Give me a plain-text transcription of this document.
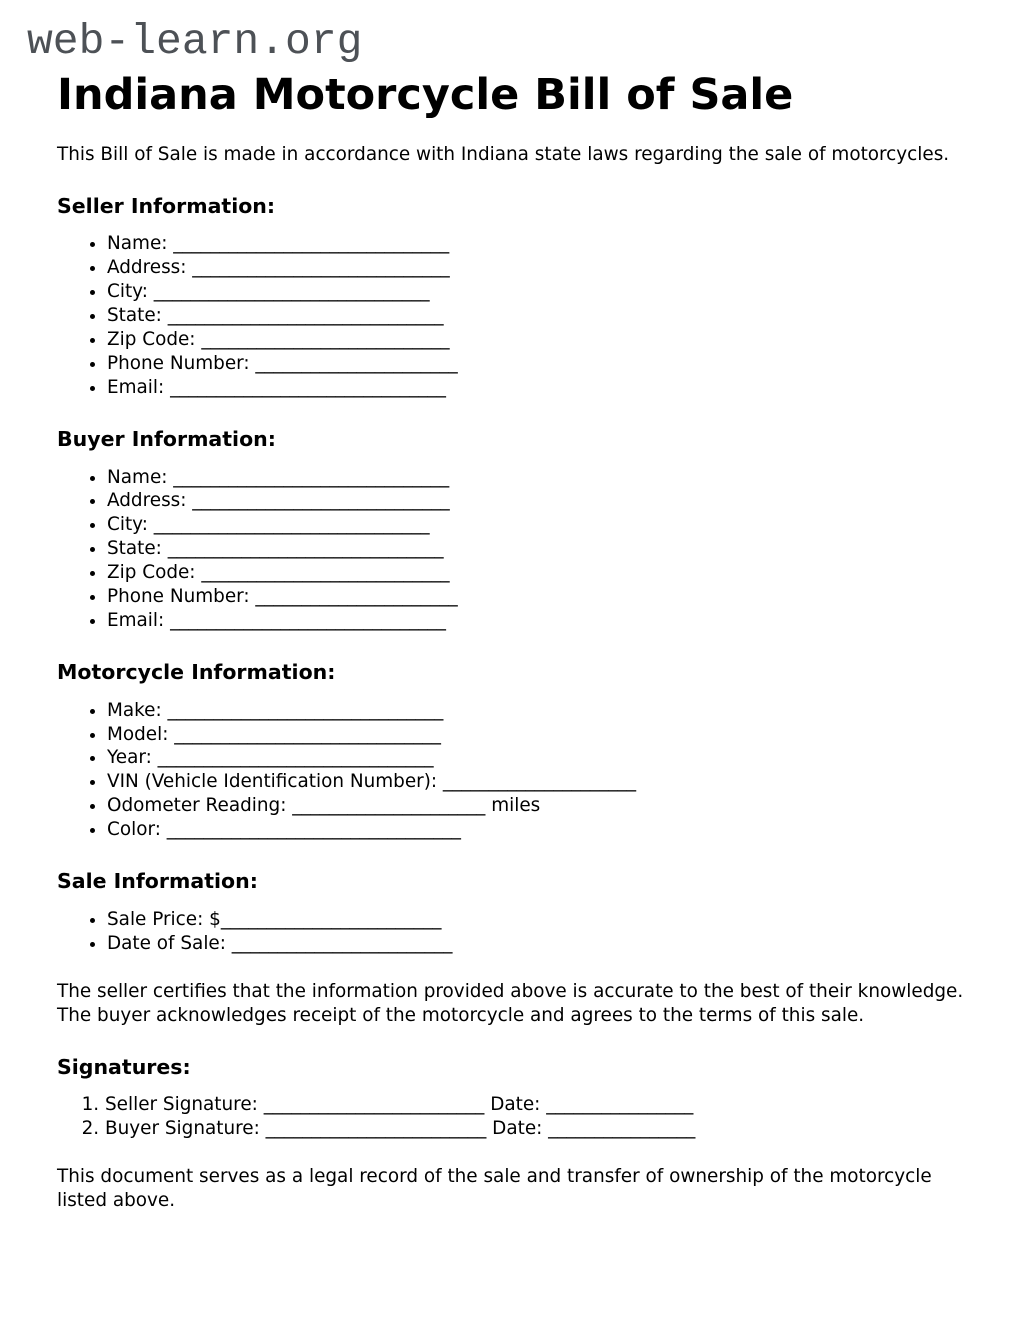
web-learn.org
Indiana Motorcycle Bill of Sale

This Bill of Sale is made in accordance with Indiana state laws regarding the sale of motorcycles.

Seller Information:
• Name: ______________________________
• Address: ____________________________
• City: ______________________________
• State: ______________________________
• Zip Code: ___________________________
• Phone Number: ______________________
• Email: ______________________________
Buyer Information:
• Name: ______________________________
• Address: ____________________________
• City: ______________________________
• State: ______________________________
• Zip Code: ___________________________
• Phone Number: ______________________
• Email: ______________________________
Motorcycle Information:
• Make: ______________________________
• Model: _____________________________
• Year: ______________________________
• VIN (Vehicle Identification Number): _____________________
• Odometer Reading: _____________________ miles
• Color: ________________________________
Sale Information:
• Sale Price: $________________________
• Date of Sale: ________________________

The seller certifies that the information provided above is accurate to the best of their knowledge. The buyer acknowledges receipt of the motorcycle and agrees to the terms of this sale.

Signatures:
1. Seller Signature: ________________________ Date: ________________
2. Buyer Signature: ________________________ Date: ________________

This document serves as a legal record of the sale and transfer of ownership of the motorcycle listed above.
